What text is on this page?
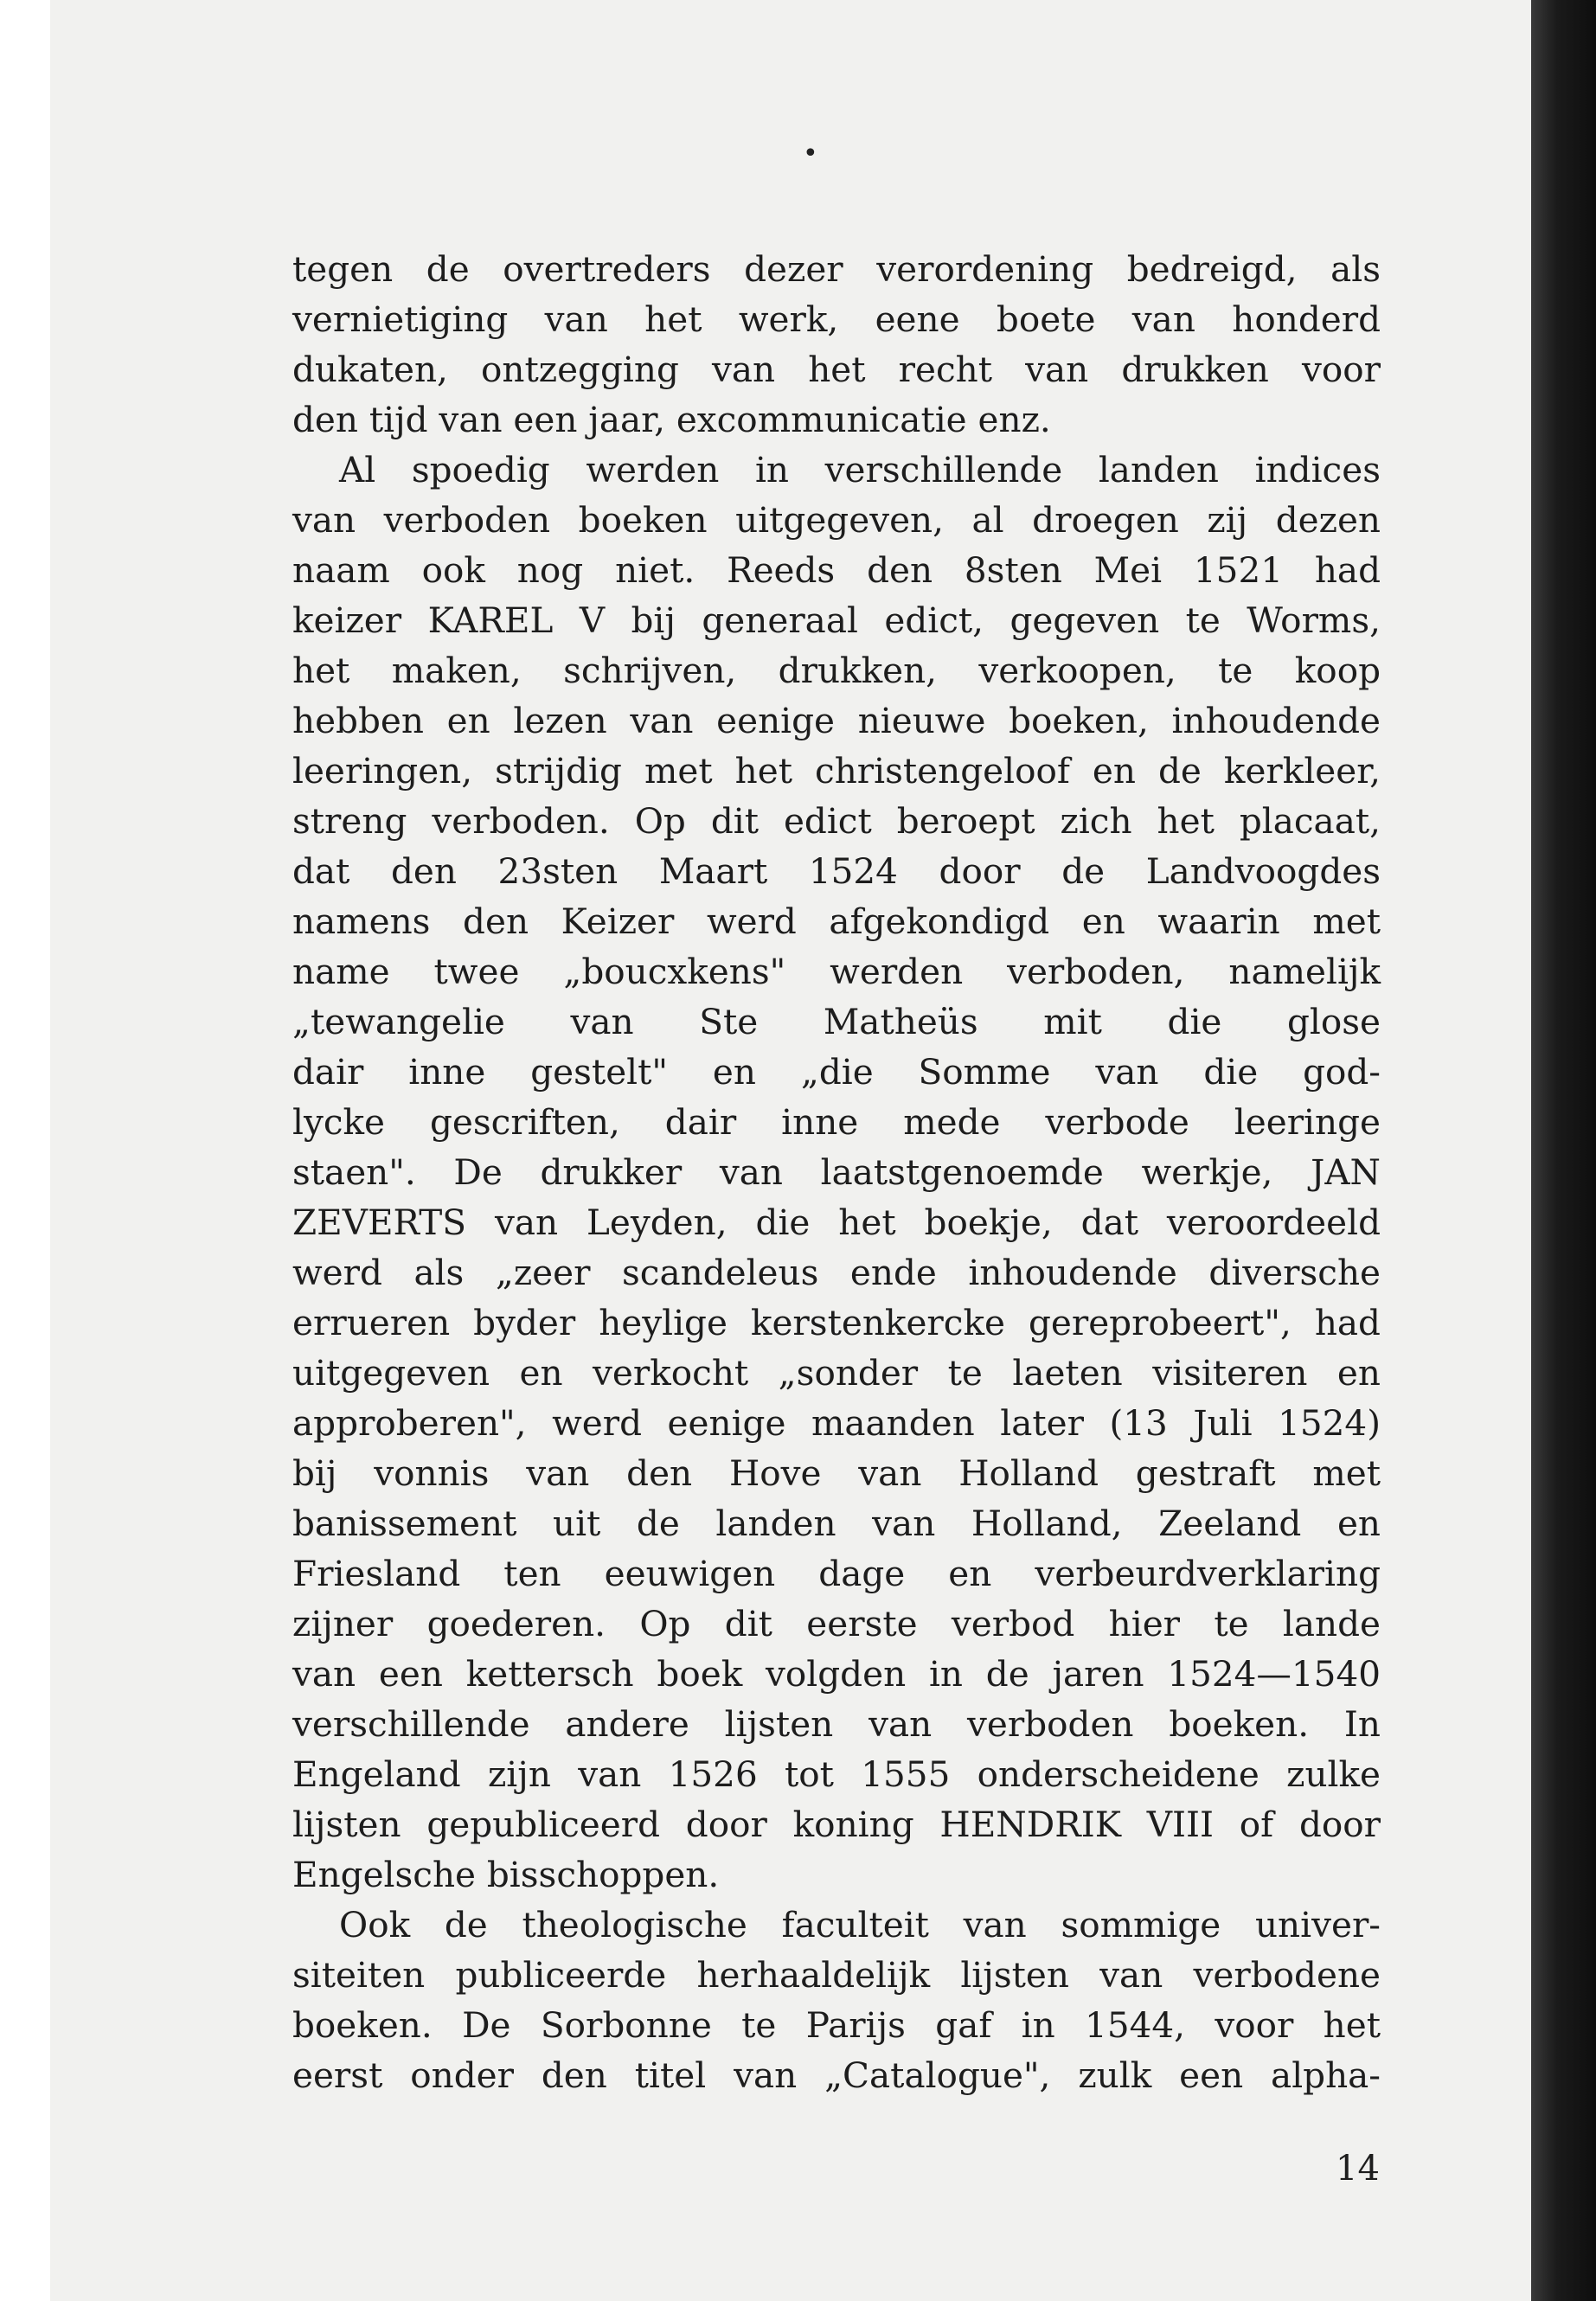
•
tegen de overtreders dezer verordening bedreigd, als
vernietiging van het werk, eene boete van honderd
dukaten, ontzegging van het recht van drukken voor
den tijd van een jaar, excommunicatie enz.
Al spoedig werden in verschillende landen indices
van verboden boeken uitgegeven, al droegen zij dezen
naam ook nog niet. Reeds den 8sten Mei 1521 had
keizer KAREL V bij generaal edict, gegeven te Worms,
het maken, schrijven, drukken, verkoopen, te koop
hebben en lezen van eenige nieuwe boeken, inhoudende
leeringen, strijdig met het christengeloof en de kerkleer,
streng verboden. Op dit edict beroept zich het placaat,
dat den 23sten Maart 1524 door de Landvoogdes
namens den Keizer werd afgekondigd en waarin met
name twee „boucxkens" werden verboden, namelijk
„tewangelie van Ste Matheüs mit die glose
dair inne gestelt" en „die Somme van die god-
lycke gescriften, dair inne mede verbode leeringe
staen". De drukker van laatstgenoemde werkje, JAN
ZEVERTS van Leyden, die het boekje, dat veroordeeld
werd als „zeer scandeleus ende inhoudende diversche
errueren byder heylige kerstenkercke gereprobeert", had
uitgegeven en verkocht „sonder te laeten visiteren en
approberen", werd eenige maanden later (13 Juli 1524)
bij vonnis van den Hove van Holland gestraft met
banissement uit de landen van Holland, Zeeland en
Friesland ten eeuwigen dage en verbeurdverklaring
zijner goederen. Op dit eerste verbod hier te lande
van een kettersch boek volgden in de jaren 1524—1540
verschillende andere lijsten van verboden boeken. In
Engeland zijn van 1526 tot 1555 onderscheidene zulke
lijsten gepubliceerd door koning HENDRIK VIII of door
Engelsche bisschoppen.
Ook de theologische faculteit van sommige univer-
siteiten publiceerde herhaaldelijk lijsten van verbodene
boeken. De Sorbonne te Parijs gaf in 1544, voor het
eerst onder den titel van „Catalogue", zulk een alpha-
14
